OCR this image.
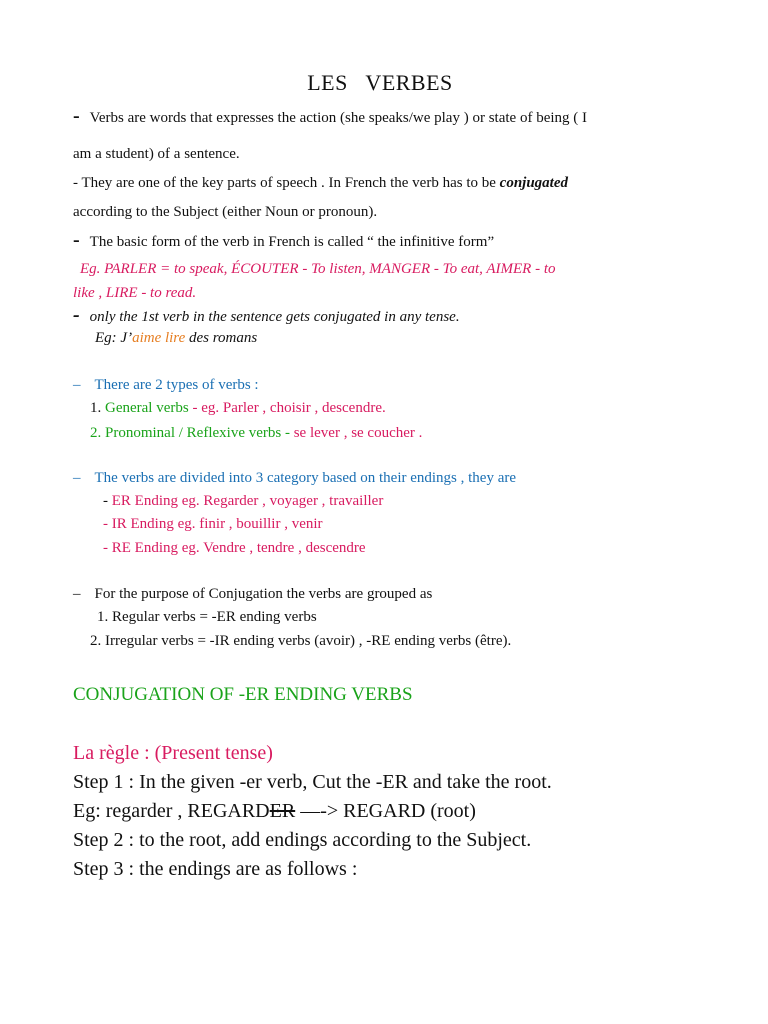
LES VERBES
- Verbs are words that expresses the action (she speaks/we play ) or state of being ( I
am a student) of a sentence.
- They are one of the key parts of speech . In French the verb has to be conjugated
according to the Subject (either Noun or pronoun).
- The basic form of the verb in French is called “ the infinitive form”
Eg. PARLER = to speak, ÉCOUTER - To listen, MANGER - To eat, AIMER - to
like , LIRE - to read.
- only the 1st verb in the sentence gets conjugated in any tense.
Eg: J’aime lire des romans
– There are 2 types of verbs :
1. General verbs - eg. Parler , choisir , descendre.
2. Pronominal / Reflexive verbs - se lever , se coucher .
– The verbs are divided into 3 category based on their endings , they are
- ER Ending eg. Regarder , voyager , travailler
- IR Ending eg. finir , bouillir , venir
- RE Ending eg. Vendre , tendre , descendre
– For the purpose of Conjugation the verbs are grouped as
1. Regular verbs = -ER ending verbs
2. Irregular verbs = -IR ending verbs (avoir) , -RE ending verbs (être).
CONJUGATION OF -ER ENDING VERBS
La règle : (Present tense)
Step 1 : In the given -er verb, Cut the -ER and take the root.
Eg: regarder , REGARDER —-> REGARD (root)
Step 2 : to the root, add endings according to the Subject.
Step 3 : the endings are as follows :
